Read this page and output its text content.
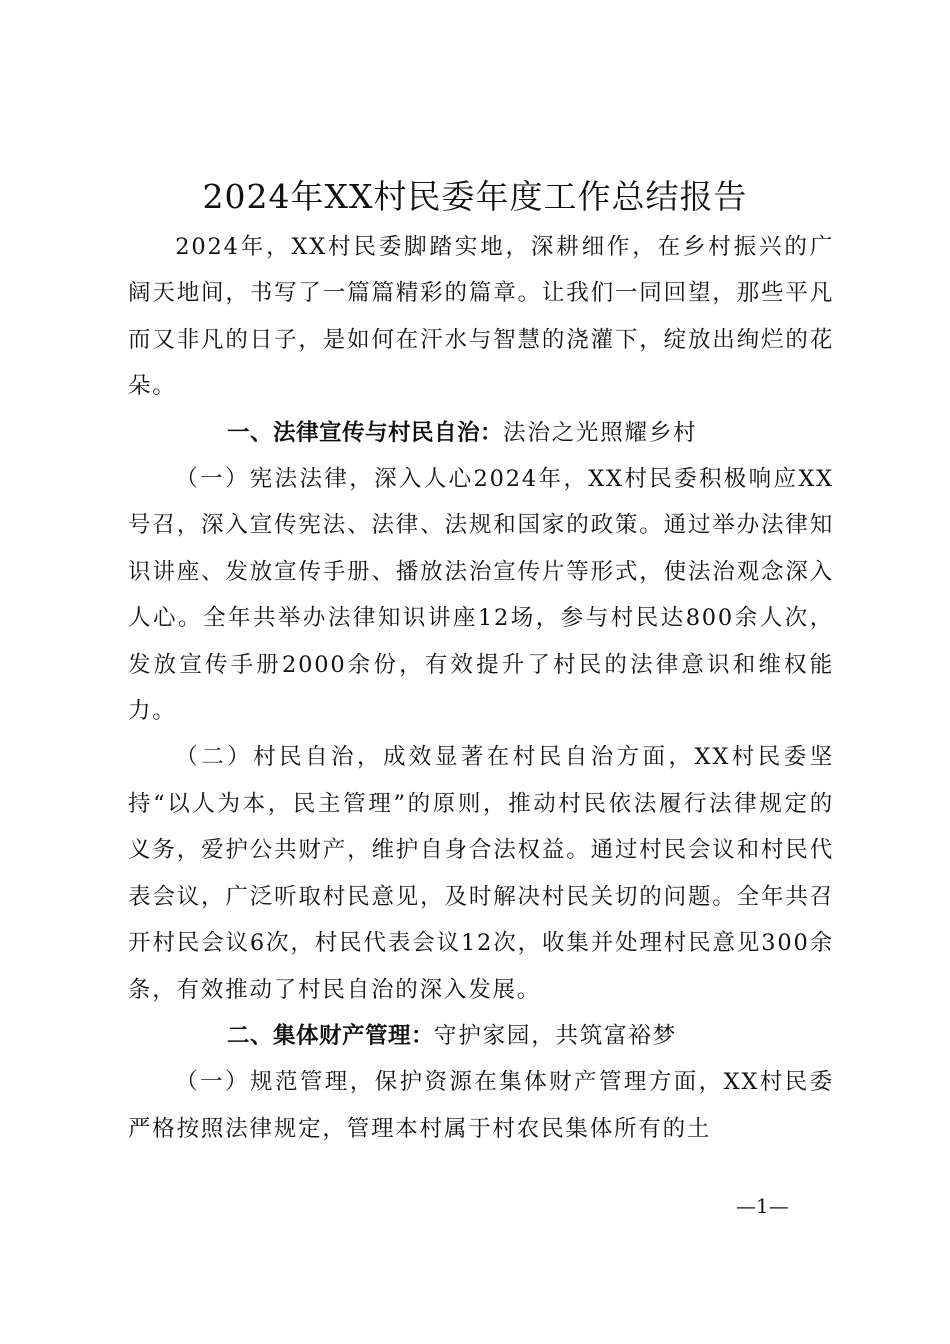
2024年XX村民委年度工作总结报告

2024年，XX村民委脚踏实地，深耕细作，在乡村振兴的广阔天地间，书写了一篇篇精彩的篇章。让我们一同回望，那些平凡而又非凡的日子，是如何在汗水与智慧的浇灌下，绽放出绚烂的花朵。

一、法律宣传与村民自治：法治之光照耀乡村

（一）宪法法律，深入人心2024年，XX村民委积极响应XX号召，深入宣传宪法、法律、法规和国家的政策。通过举办法律知识讲座、发放宣传手册、播放法治宣传片等形式，使法治观念深入人心。全年共举办法律知识讲座12场，参与村民达800余人次，发放宣传手册2000余份，有效提升了村民的法律意识和维权能力。

（二）村民自治，成效显著在村民自治方面，XX村民委坚持“以人为本，民主管理”的原则，推动村民依法履行法律规定的义务，爱护公共财产，维护自身合法权益。通过村民会议和村民代表会议，广泛听取村民意见，及时解决村民关切的问题。全年共召开村民会议6次，村民代表会议12次，收集并处理村民意见300余条，有效推动了村民自治的深入发展。

二、集体财产管理：守护家园，共筑富裕梦

（一）规范管理，保护资源在集体财产管理方面，XX村民委严格按照法律规定，管理本村属于村农民集体所有的土

—1—
